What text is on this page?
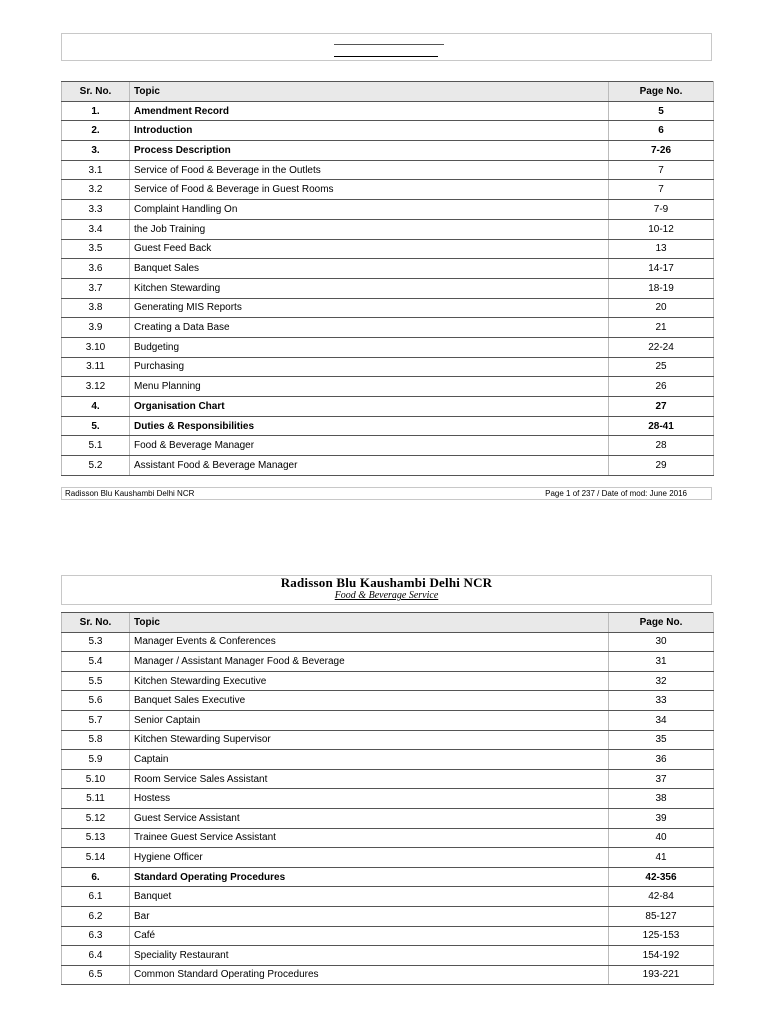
Sr. No.	Topic	Page No.
1.	Amendment Record	5
2.	Introduction	6
3.	Process Description	7-26
3.1	Service of Food & Beverage in the Outlets	7
3.2	Service of Food & Beverage in Guest Rooms	7
3.3	Complaint Handling On	7-9
3.4	the Job Training	10-12
3.5	Guest Feed Back	13
3.6	Banquet Sales	14-17
3.7	Kitchen Stewarding	18-19
3.8	Generating MIS Reports	20
3.9	Creating a Data Base	21
3.10	Budgeting	22-24
3.11	Purchasing	25
3.12	Menu Planning	26
4.	Organisation Chart	27
5.	Duties & Responsibilities	28-41
5.1	Food & Beverage Manager	28
5.2	Assistant Food & Beverage Manager	29
Radisson Blu Kaushambi Delhi NCR	Page 1 of 237 / Date of mod: June 2016
Radisson Blu Kaushambi Delhi NCR
Food & Beverage Service
Sr. No.	Topic	Page No.
5.3	Manager Events & Conferences	30
5.4	Manager / Assistant Manager Food & Beverage	31
5.5	Kitchen Stewarding Executive	32
5.6	Banquet Sales Executive	33
5.7	Senior Captain	34
5.8	Kitchen Stewarding Supervisor	35
5.9	Captain	36
5.10	Room Service Sales Assistant	37
5.11	Hostess	38
5.12	Guest Service Assistant	39
5.13	Trainee Guest Service Assistant	40
5.14	Hygiene Officer	41
6.	Standard Operating Procedures	42-356
6.1	Banquet	42-84
6.2	Bar	85-127
6.3	Café	125-153
6.4	Speciality Restaurant	154-192
6.5	Common Standard Operating Procedures	193-221
